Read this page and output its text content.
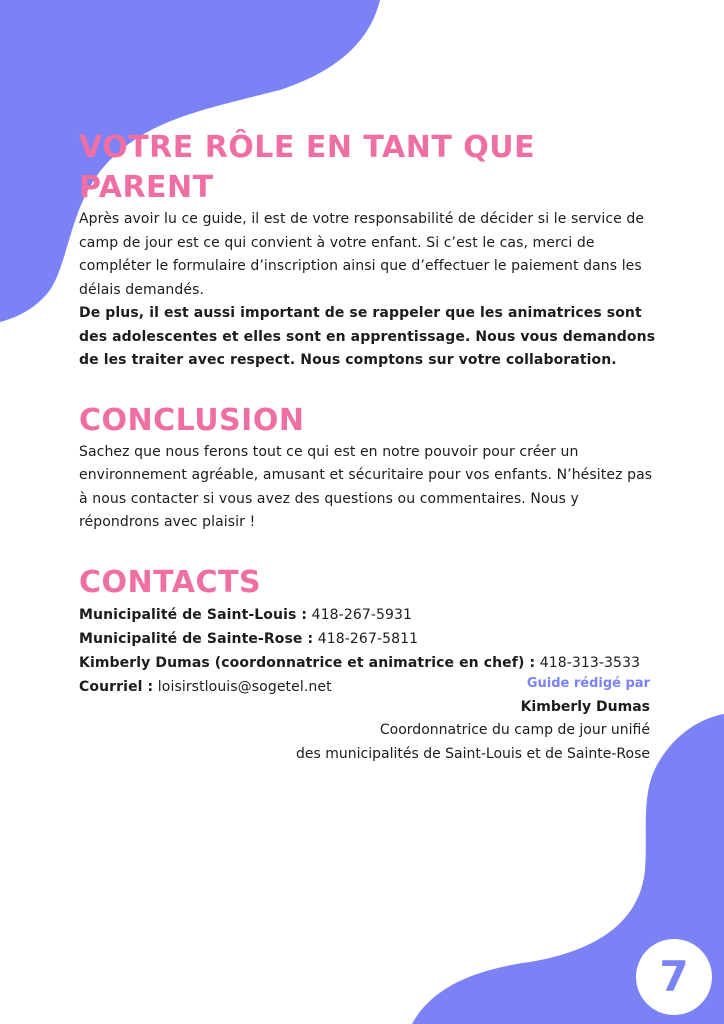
VOTRE RÔLE EN TANT QUE PARENT

Après avoir lu ce guide, il est de votre responsabilité de décider si le service de camp de jour est ce qui convient à votre enfant. Si c’est le cas, merci de compléter le formulaire d’inscription ainsi que d’effectuer le paiement dans les délais demandés.

De plus, il est aussi important de se rappeler que les animatrices sont des adolescentes et elles sont en apprentissage. Nous vous demandons de les traiter avec respect. Nous comptons sur votre collaboration.

CONCLUSION

Sachez que nous ferons tout ce qui est en notre pouvoir pour créer un environnement agréable, amusant et sécuritaire pour vos enfants. N’hésitez pas à nous contacter si vous avez des questions ou commentaires. Nous y répondrons avec plaisir !

CONTACTS
Municipalité de Saint-Louis : 418-267-5931
Municipalité de Sainte-Rose : 418-267-5811
Kimberly Dumas (coordonnatrice et animatrice en chef) : 418-313-3533
Courriel : loisirstlouis@sogetel.net	Guide rédigé par
Kimberly Dumas
Coordonnatrice du camp de jour unifié
des municipalités de Saint-Louis et de Sainte-Rose
7
